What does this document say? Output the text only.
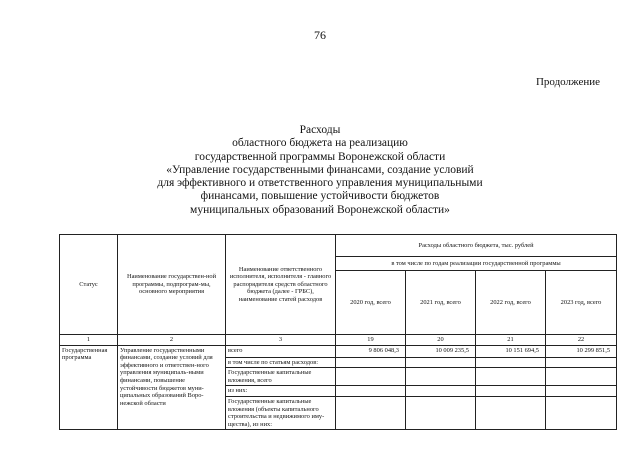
76
Продолжение
Расходы
областного бюджета на реализацию
государственной программы Воронежской области
«Управление государственными финансами, создание условий
для эффективного и ответственного управления муниципальными
финансами, повышение устойчивости бюджетов
муниципальных образований Воронежской области»
Статус	Наименование государствен-ной программы, подпрограм-мы, основного мероприятия	Наименование ответственного исполнителя, исполнителя - главного распорядителя средств областного бюджета (далее - ГРБС), наименование статей расходов	Расходы областного бюджета, тыс. рублей			
			в том числе по годам реализации государственной программы			
			2020 год, всего	2021 год, всего	2022 год, всего	2023 год, всего
1	2	3	19	20	21	22
Государственная программа	Управление государственными финансами, создание условий для эффективного и ответствен-ного управления муниципаль-ными финансами, повышение устойчивости бюджетов муни-ципальных образований Воро-нежской области	всего	9 806 048,3	10 009 235,5	10 151 694,5	10 299 851,5
		в том числе по статьям расходов:				
		Государственные капитальные вложения, всего				
		из них:				
		Государственные капитальные вложения (объекты капитального строительства и недвижимого иму-щества), из них:				
